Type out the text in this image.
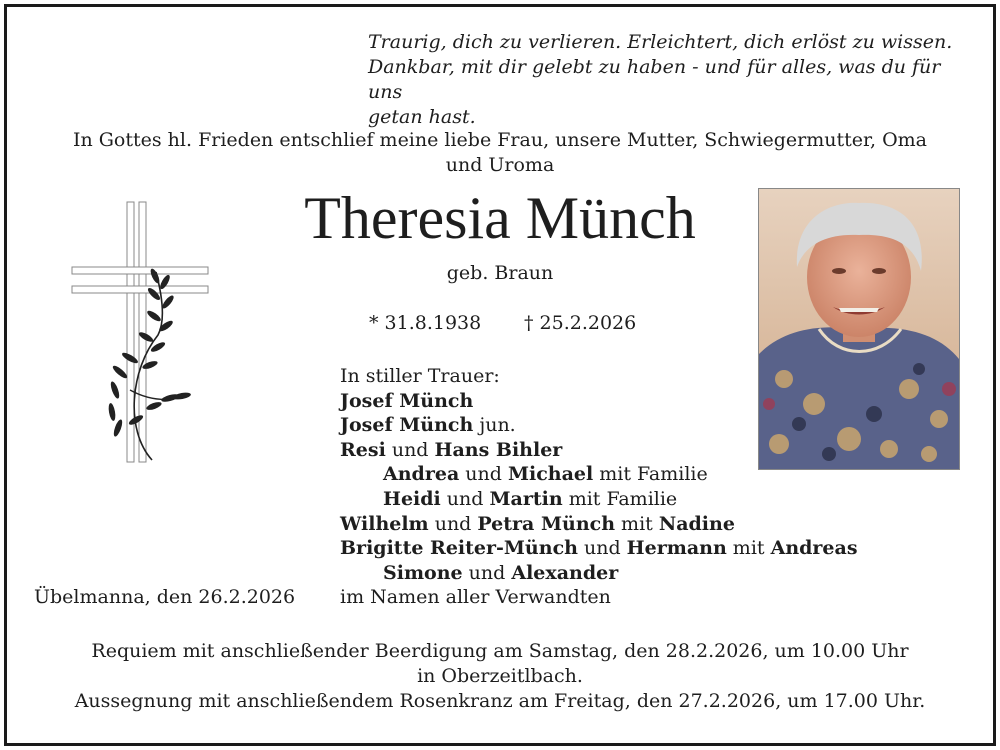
Traurig, dich zu verlieren. Erleichtert, dich erlöst zu wissen.
Dankbar, mit dir gelebt zu haben - und für alles, was du für uns
getan hast.
In Gottes hl. Frieden entschlief meine liebe Frau, unsere Mutter, Schwiegermutter, Oma
und Uroma
Theresia Münch
geb. Braun
* 31.8.1938 † 25.2.2026
In stiller Trauer:
Josef Münch
Josef Münch jun.
Resi und Hans Bihler
Andrea und Michael mit Familie
Heidi und Martin mit Familie
Wilhelm und Petra Münch mit Nadine
Brigitte Reiter-Münch und Hermann mit Andreas
Simone und Alexander
im Namen aller Verwandten
Übelmanna, den 26.2.2026
Requiem mit anschließender Beerdigung am Samstag, den 28.2.2026, um 10.00 Uhr
in Oberzeitlbach.
Aussegnung mit anschließendem Rosenkranz am Freitag, den 27.2.2026, um 17.00 Uhr.
